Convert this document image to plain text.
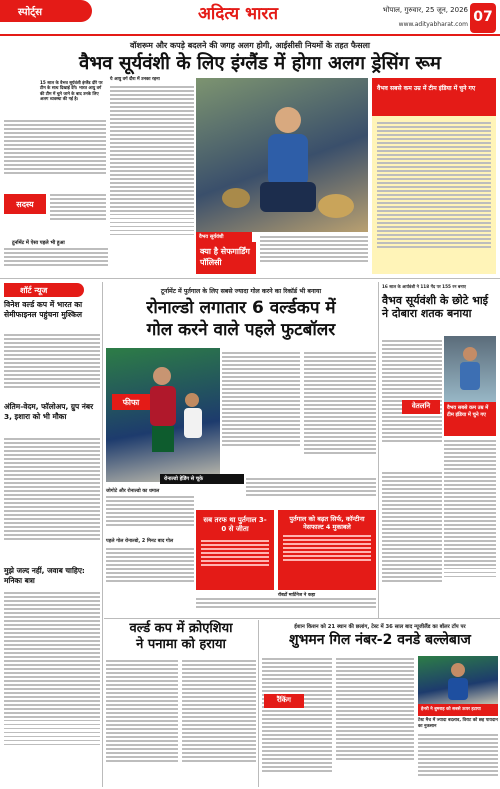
स्पोर्ट्स	अदित्य भारत	भोपाल, गुरुवार, 25 जून, 2026
www.adityabharat.com 07
वॉशरूम और कपड़े बदलने की जगह अलग होगी, आईसीसी नियमों के तहत फैसला
वैभव सूर्यवंशी के लिए इंग्लैंड में होगा अलग ड्रेसिंग रूम
15 साल के वैभव सूर्यवंशी इंग्लैंड दौरे पर टीम के साथ दिखाई देंगे। भारत आयु वर्ग की टीम में चुने जाने के बाद उनके लिए अलग व्यवस्था की गई है।
सदस्य
टूर्नामेंट में ऐसा पहले भी हुआ
ये आयु वर्ग दौरा में उनका रहना
वैभव सूर्यवंशी
क्या है सेफगार्डिंग पॉलिसी
वैभव सबसे कम उम्र में टीम इंडिया में चुने गए
शॉर्ट न्यूज
विनेश वर्ल्ड कप में भारत का सेमीफाइनल पहुंचना मुश्किल
अंतिम-वेदम, फॉलोअप, ग्रुप नंबर 3, इशारा को भी मौका
मुझे जल्द नहीं, जवाब चाहिए: मनिका बत्रा
टूर्नामेंट में पुर्तगाल के लिए सबसे ज्यादा गोल करने का रिकॉर्ड भी बनाया
रोनाल्डो लगातार 6 वर्ल्डकप में
गोल करने वाले पहले फुटबॉलर
फीफा
रोनाल्डो हेडिंग से चूके
जोगोटे और रोनाल्डो का धमाल
पहले गोल रोनाल्डो, 2 मिनट बाद गोल
सब तरफ था पुर्तगाल 3-0 से जीता
पुर्तगाल को बढ़त सिर्फ, कॉन्टीना नेसफाल्ट 4 मुकाबले
रॉबर्टो मार्टिनेज ने कहा
16 साल के आर्यवंशी ने 118 गेंद पर 155 रन बनाए
वैभव सूर्यवंशी के छोटे भाई ने दोबारा शतक बनाया
वेतलनि	वैभव सबसे कम उम्र में टीम इंडिया में चुने गए
वर्ल्ड कप में क्रोएशिया
ने पनामा को हराया
ईशान किशन को 21 स्थान की छलांग, टेस्ट में 36 साल बाद न्यूजीलैंड का बॉलर टॉप पर
शुभमन गिल नंबर-2 वनडे बल्लेबाज
रैंकिंग
हेनरी ने बुमराह को सबसे ऊपर हटाया
टेस्ट मैच में ज्यादा बदलाव, विराट को छह पायदान का नुकसान
